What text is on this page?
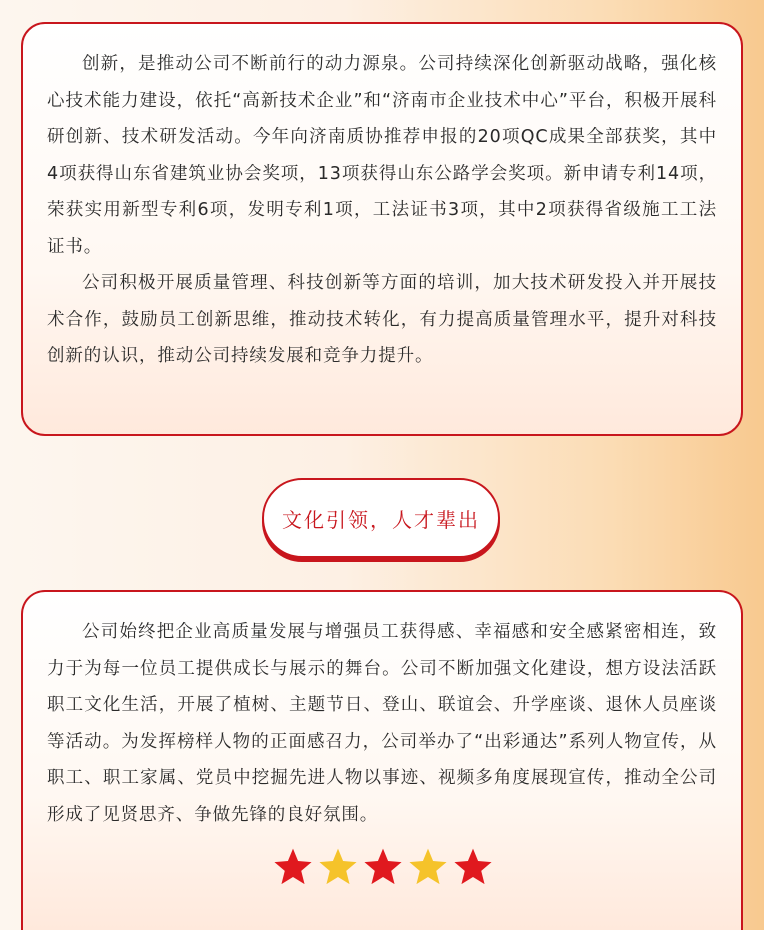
创新，是推动公司不断前行的动力源泉。公司持续深化创新驱动战略，强化核心技术能力建设，依托“高新技术企业”和“济南市企业技术中心”平台，积极开展科研创新、技术研发活动。今年向济南质协推荐申报的20项QC成果全部获奖，其中4项获得山东省建筑业协会奖项，13项获得山东公路学会奖项。新申请专利14项，荣获实用新型专利6项，发明专利1项，工法证书3项，其中2项获得省级施工工法证书。

公司积极开展质量管理、科技创新等方面的培训，加大技术研发投入并开展技术合作，鼓励员工创新思维，推动技术转化，有力提高质量管理水平，提升对科技创新的认识，推动公司持续发展和竞争力提升。

文化引领，人才辈出

公司始终把企业高质量发展与增强员工获得感、幸福感和安全感紧密相连，致力于为每一位员工提供成长与展示的舞台。公司不断加强文化建设，想方设法活跃职工文化生活，开展了植树、主题节日、登山、联谊会、升学座谈、退休人员座谈等活动。为发挥榜样人物的正面感召力，公司举办了“出彩通达”系列人物宣传，从职工、职工家属、党员中挖掘先进人物以事迹、视频多角度展现宣传，推动全公司形成了见贤思齐、争做先锋的良好氛围。
